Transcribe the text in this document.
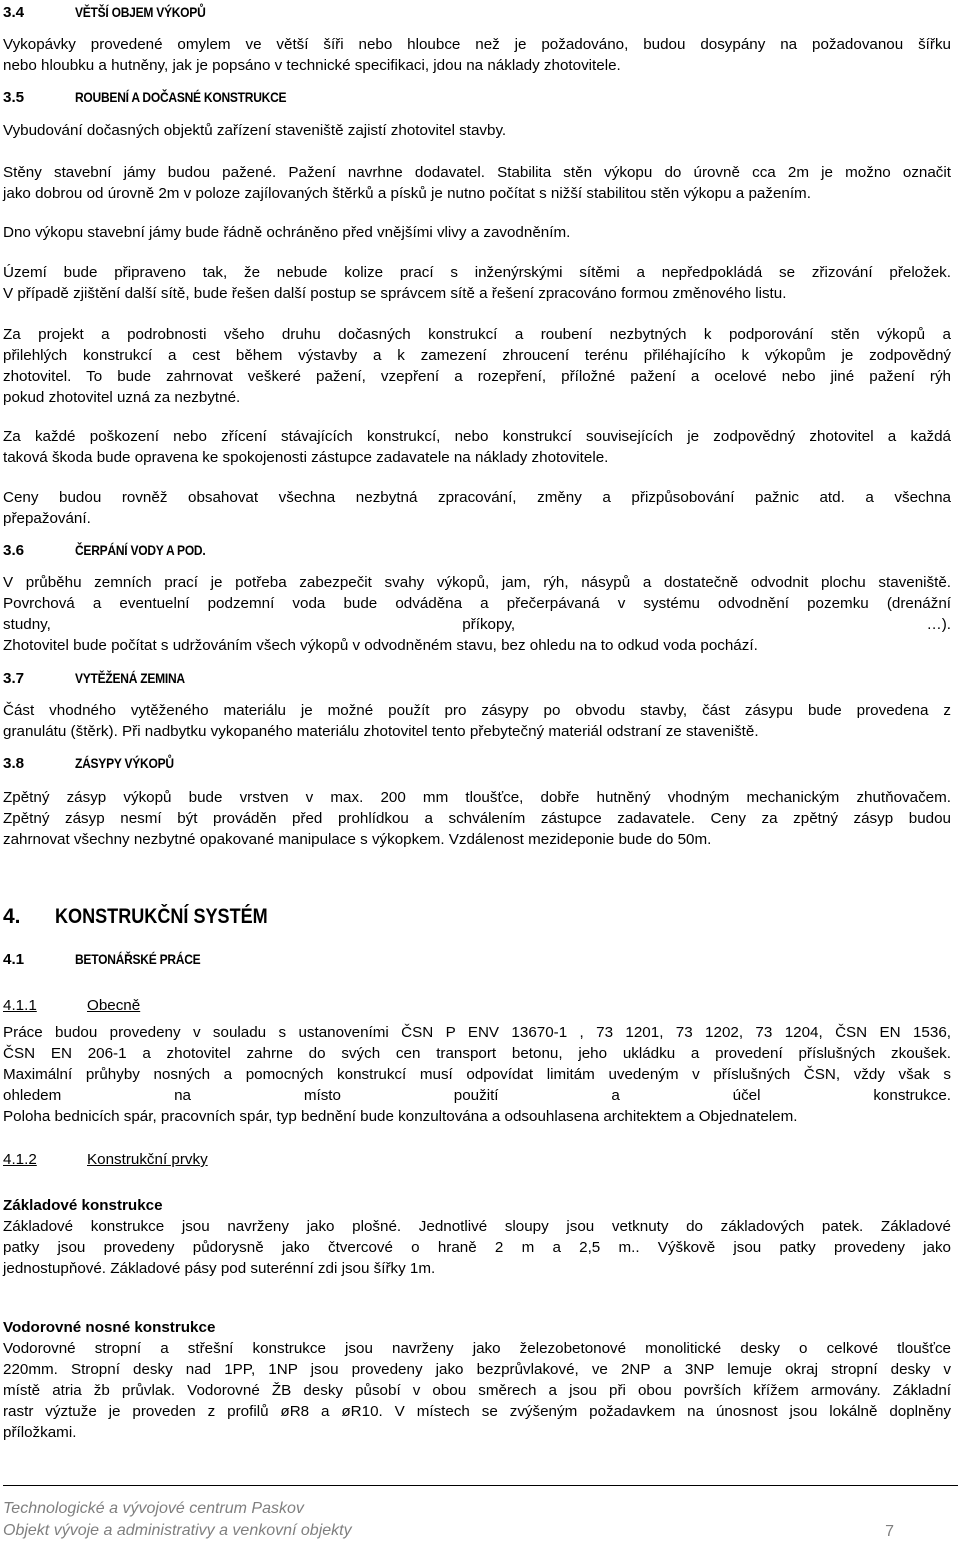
3.4	VĚTŠÍ OBJEM VÝKOPŮ

Vykopávky provedené omylem ve větší šíři nebo hloubce než je požadováno, budou dosypány na požadovanou šířku
nebo hloubku a hutněny, jak je popsáno v technické specifikaci, jdou na náklady zhotovitele.

3.5	ROUBENÍ A DOČASNÉ KONSTRUKCE

Vybudování dočasných objektů zařízení staveniště zajistí zhotovitel stavby.

Stěny stavební jámy budou pažené. Pažení navrhne dodavatel. Stabilita stěn výkopu do úrovně cca 2m je možno označit
jako dobrou od úrovně 2m v poloze zajílovaných štěrků a písků je nutno počítat s nižší stabilitou stěn výkopu a pažením.

Dno výkopu stavební jámy bude řádně ochráněno před vnějšími vlivy a zavodněním.

Území bude připraveno tak, že nebude kolize prací s inženýrskými sítěmi a nepředpokládá se zřizování přeložek.
V případě zjištění další sítě, bude řešen další postup se správcem sítě a řešení zpracováno formou změnového listu.

Za projekt a podrobnosti všeho druhu dočasných konstrukcí a roubení nezbytných k podporování stěn výkopů a
přilehlých konstrukcí a cest během výstavby a k zamezení zhroucení terénu přiléhajícího k výkopům je zodpovědný
zhotovitel. To bude zahrnovat veškeré pažení, vzepření a rozepření, příložné pažení a ocelové nebo jiné pažení rýh
pokud zhotovitel uzná za nezbytné.

Za každé poškození nebo zřícení stávajících konstrukcí, nebo konstrukcí souvisejících je zodpovědný zhotovitel a každá
taková škoda bude opravena ke spokojenosti zástupce zadavatele na náklady zhotovitele.

Ceny budou rovněž obsahovat všechna nezbytná zpracování, změny a přizpůsobování pažnic atd. a všechna
přepažování.

3.6	ČERPÁNÍ VODY A POD.

V průběhu zemních prací je potřeba zabezpečit svahy výkopů, jam, rýh, násypů a dostatečně odvodnit plochu staveniště.
Povrchová a eventuelní podzemní voda bude odváděna a přečerpávaná v systému odvodnění pozemku (drenážní
studny, příkopy, …).
Zhotovitel bude počítat s udržováním všech výkopů v odvodněném stavu, bez ohledu na to odkud voda pochází.

3.7	VYTĚŽENÁ ZEMINA

Část vhodného vytěženého materiálu je možné použít pro zásypy po obvodu stavby, část zásypu bude provedena z
granulátu (štěrk). Při nadbytku vykopaného materiálu zhotovitel tento přebytečný materiál odstraní ze staveniště.

3.8	ZÁSYPY VÝKOPŮ

Zpětný zásyp výkopů bude vrstven v max. 200 mm tloušťce, dobře hutněný vhodným mechanickým zhutňovačem.
Zpětný zásyp nesmí být prováděn před prohlídkou a schválením zástupce zadavatele. Ceny za zpětný zásyp budou
zahrnovat všechny nezbytné opakované manipulace s výkopkem. Vzdálenost mezideponie bude do 50m.

4. KONSTRUKČNÍ SYSTÉM
4.1	BETONÁŘSKÉ PRÁCE
4.1.1	Obecně

Práce budou provedeny v souladu s ustanoveními ČSN P ENV 13670-1 , 73 1201, 73 1202, 73 1204, ČSN EN 1536,
ČSN EN 206-1 a zhotovitel zahrne do svých cen transport betonu, jeho ukládku a provedení příslušných zkoušek.
Maximální průhyby nosných a pomocných konstrukcí musí odpovídat limitám uvedeným v příslušných ČSN, vždy však s
ohledem na místo použití a účel konstrukce.
Poloha bednicích spár, pracovních spár, typ bednění bude konzultována a odsouhlasena architektem a Objednatelem.

4.1.2	Konstrukční prvky
Základové konstrukce

Základové konstrukce jsou navrženy jako plošné. Jednotlivé sloupy jsou vetknuty do základových patek. Základové
patky jsou provedeny půdorysně jako čtvercové o hraně 2 m a 2,5 m.. Výškově jsou patky provedeny jako
jednostupňové. Základové pásy pod suterénní zdi jsou šířky 1m.

Vodorovné nosné konstrukce

Vodorovné stropní a střešní konstrukce jsou navrženy jako železobetonové monolitické desky o celkové tloušťce
220mm. Stropní desky nad 1PP, 1NP jsou provedeny jako bezprůvlakové, ve 2NP a 3NP lemuje okraj stropní desky v
místě atria žb průvlak. Vodorovné ŽB desky působí v obou směrech a jsou při obou površích křížem armovány. Základní
rastr výztuže je proveden z profilů øR8 a øR10. V místech se zvýšeným požadavkem na únosnost jsou lokálně doplněny
příložkami.

Technologické a vývojové centrum Paskov
Objekt vývoje a administrativy a venkovní objekty	7
